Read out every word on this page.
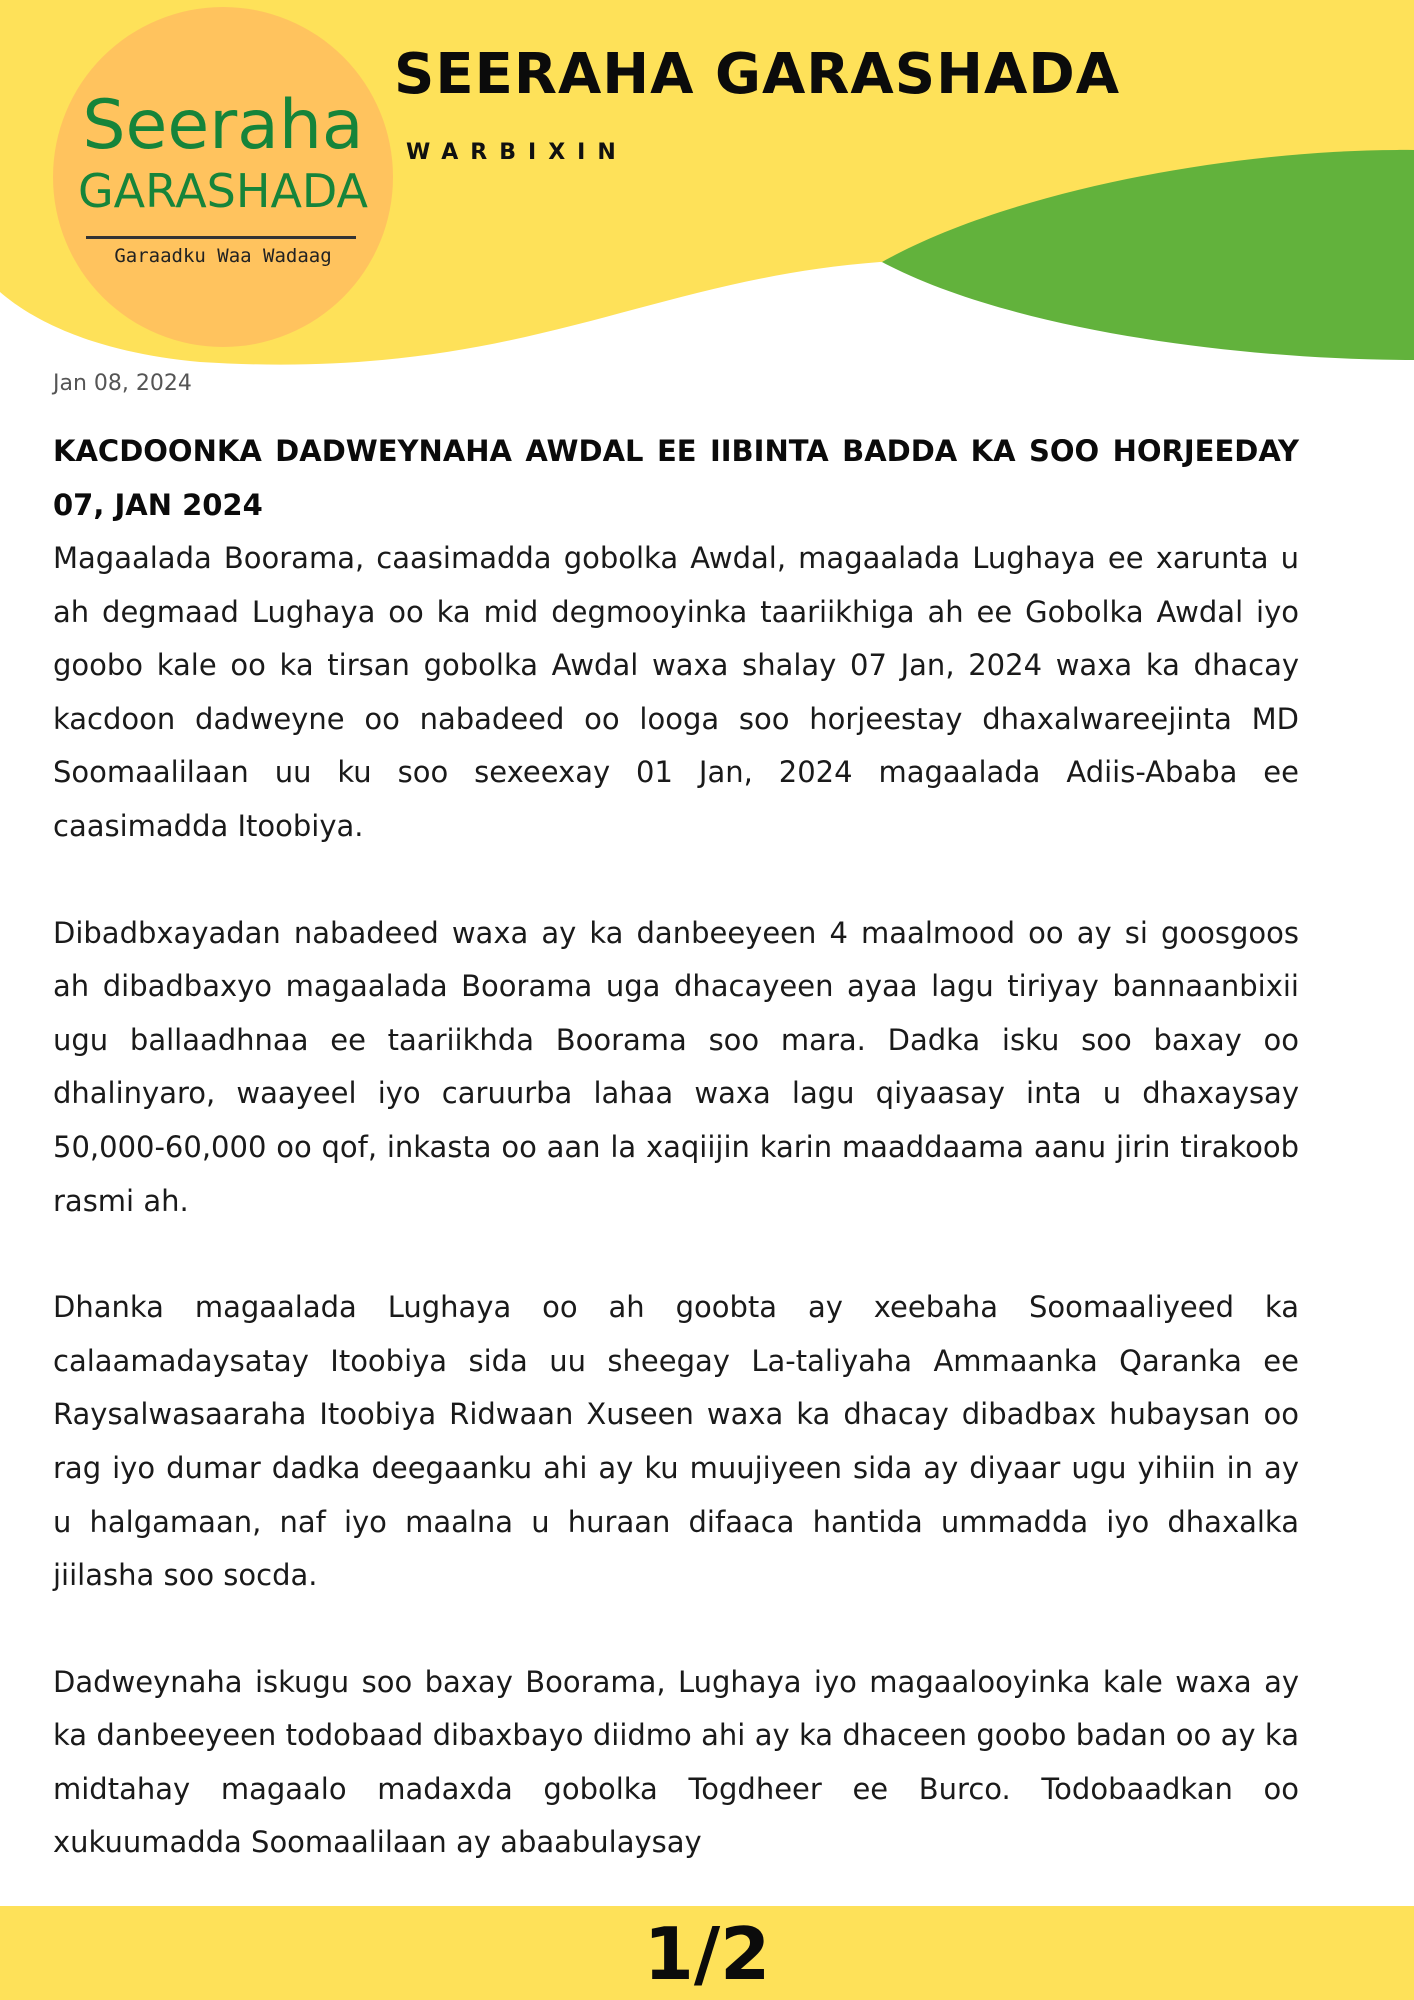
Seeraha
GARASHADA
Garaadku Waa Wadaag
SEERAHA GARASHADA
WARBIXIN
Jan 08, 2024
KACDOONKA DADWEYNAHA AWDAL EE IIBINTA BADDA KA SOO HORJEEDAY 07, JAN 2024

Magaalada Boorama, caasimadda gobolka Awdal, magaalada Lughaya ee xarunta u ah degmaad Lughaya oo ka mid degmooyinka taariikhiga ah ee Gobolka Awdal iyo goobo kale oo ka tirsan gobolka Awdal waxa shalay 07 Jan, 2024 waxa ka dhacay kacdoon dadweyne oo nabadeed oo looga soo horjeestay dhaxalwareejinta MD Soomaalilaan uu ku soo sexeexay 01 Jan, 2024 magaalada Adiis-Ababa ee caasimadda Itoobiya.

Dibadbxayadan nabadeed waxa ay ka danbeeyeen 4 maalmood oo ay si goosgoos ah dibadbaxyo magaalada Boorama uga dhacayeen ayaa lagu tiriyay bannaanbixii ugu ballaadhnaa ee taariikhda Boorama soo mara. Dadka isku soo baxay oo dhalinyaro, waayeel iyo caruurba lahaa waxa lagu qiyaasay inta u dhaxaysay 50,000-60,000 oo qof, inkasta oo aan la xaqiijin karin maaddaama aanu jirin tirakoob rasmi ah.

Dhanka magaalada Lughaya oo ah goobta ay xeebaha Soomaaliyeed ka calaamadaysatay Itoobiya sida uu sheegay La-taliyaha Ammaanka Qaranka ee Raysalwasaaraha Itoobiya Ridwaan Xuseen waxa ka dhacay dibadbax hubaysan oo rag iyo dumar dadka deegaanku ahi ay ku muujiyeen sida ay diyaar ugu yihiin in ay u halgamaan, naf iyo maalna u huraan difaaca hantida ummadda iyo dhaxalka jiilasha soo socda.

Dadweynaha iskugu soo baxay Boorama, Lughaya iyo magaalooyinka kale waxa ay ka danbeeyeen todobaad dibaxbayo diidmo ahi ay ka dhaceen goobo badan oo ay ka midtahay magaalo madaxda gobolka Togdheer ee Burco. Todobaadkan oo xukuumadda Soomaalilaan ay abaabulaysay

1/2
